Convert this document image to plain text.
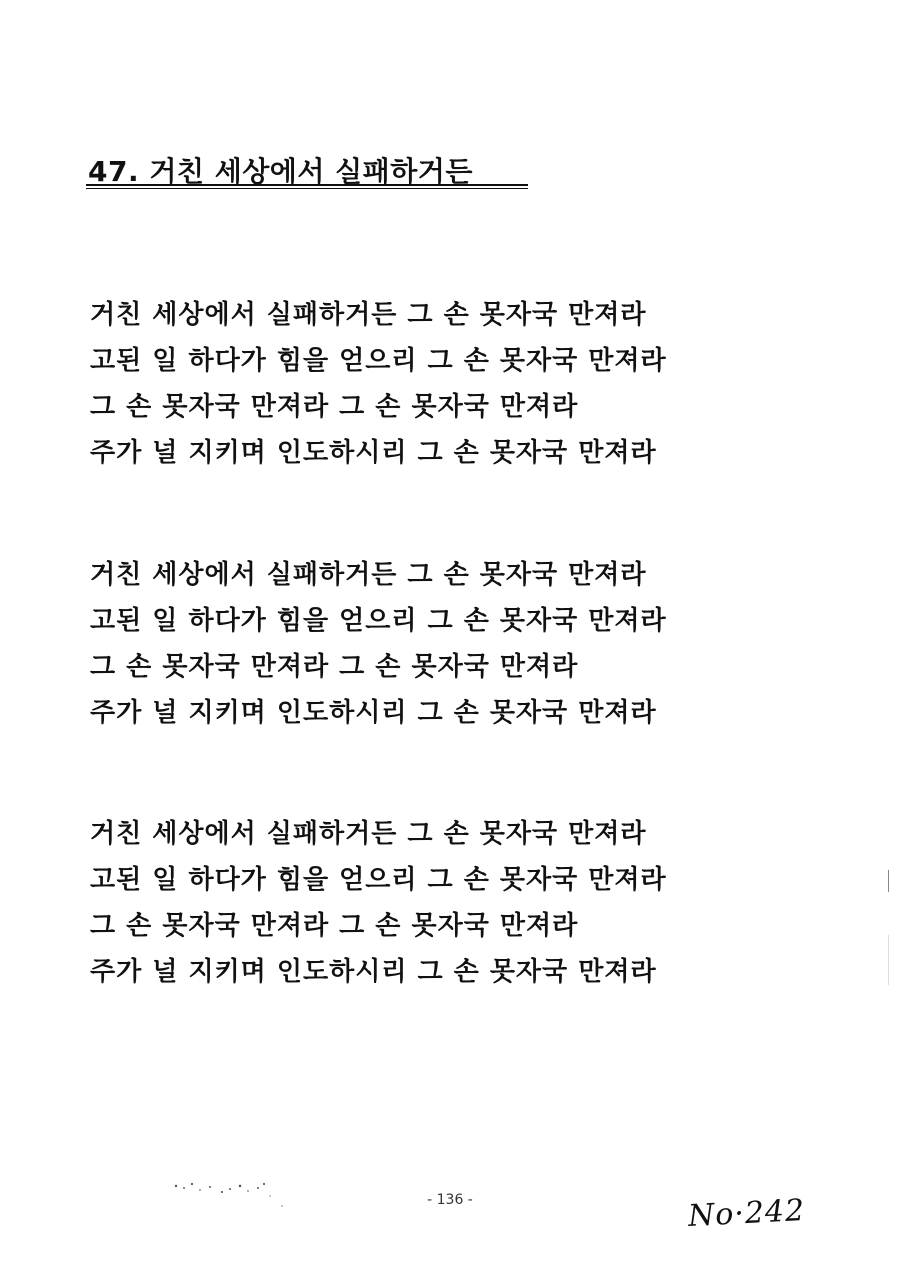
47. 거친 세상에서 실패하거든
거친 세상에서 실패하거든 그 손 못자국 만져라
고된 일 하다가 힘을 얻으리 그 손 못자국 만져라
그 손 못자국 만져라 그 손 못자국 만져라
주가 널 지키며 인도하시리 그 손 못자국 만져라
거친 세상에서 실패하거든 그 손 못자국 만져라
고된 일 하다가 힘을 얻으리 그 손 못자국 만져라
그 손 못자국 만져라 그 손 못자국 만져라
주가 널 지키며 인도하시리 그 손 못자국 만져라
거친 세상에서 실패하거든 그 손 못자국 만져라
고된 일 하다가 힘을 얻으리 그 손 못자국 만져라
그 손 못자국 만져라 그 손 못자국 만져라
주가 널 지키며 인도하시리 그 손 못자국 만져라
- 136 -	No·242
